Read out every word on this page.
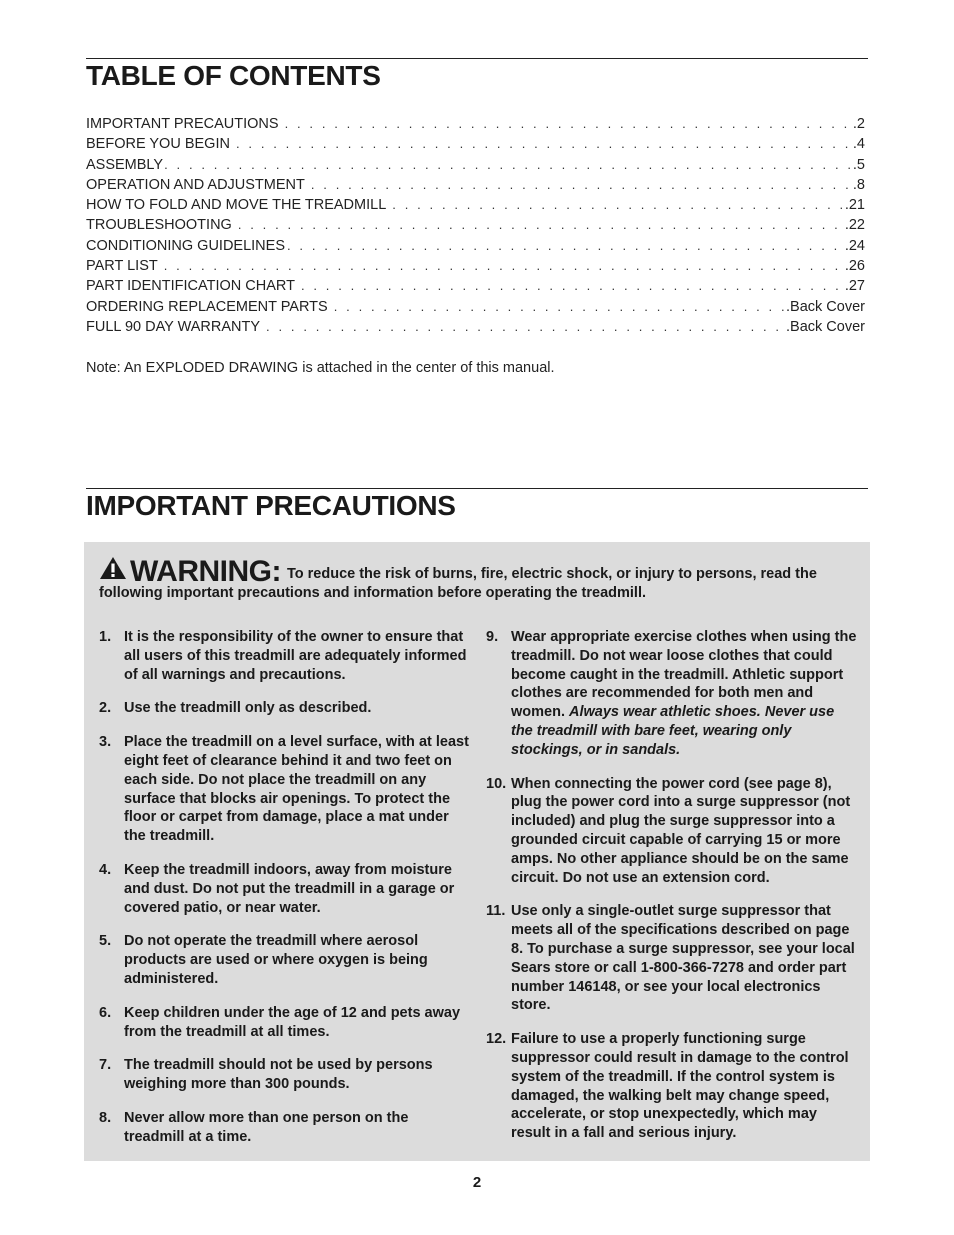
TABLE OF CONTENTS
IMPORTANT PRECAUTIONS . . .	.2
BEFORE YOU BEGIN . . .	.4
ASSEMBLY . . .	.5
OPERATION AND ADJUSTMENT . . .	.8
HOW TO FOLD AND MOVE THE TREADMILL . . .	.21
TROUBLESHOOTING . . .	.22
CONDITIONING GUIDELINES . . .	.24
PART LIST . . .	.26
PART IDENTIFICATION CHART . . .	.27
ORDERING REPLACEMENT PARTS . . .	.Back Cover
FULL 90 DAY WARRANTY . . .	.Back Cover

Note: An EXPLODED DRAWING is attached in the center of this manual.

IMPORTANT PRECAUTIONS
WARNING: To reduce the risk of burns, fire, electric shock, or injury to persons, read the following important precautions and information before operating the treadmill.
1. It is the responsibility of the owner to ensure that all users of this treadmill are adequately informed of all warnings and precautions.
2. Use the treadmill only as described.
3. Place the treadmill on a level surface, with at least eight feet of clearance behind it and two feet on each side. Do not place the treadmill on any surface that blocks air openings. To protect the floor or carpet from damage, place a mat under the treadmill.
4. Keep the treadmill indoors, away from moisture and dust. Do not put the treadmill in a garage or covered patio, or near water.
5. Do not operate the treadmill where aerosol products are used or where oxygen is being administered.
6. Keep children under the age of 12 and pets away from the treadmill at all times.
7. The treadmill should not be used by persons weighing more than 300 pounds.
8. Never allow more than one person on the treadmill at a time.
9. Wear appropriate exercise clothes when using the treadmill. Do not wear loose clothes that could become caught in the treadmill. Athletic support clothes are recommended for both men and women. Always wear athletic shoes. Never use the treadmill with bare feet, wearing only stockings, or in sandals.
10. When connecting the power cord (see page 8), plug the power cord into a surge suppressor (not included) and plug the surge suppressor into a grounded circuit capable of carrying 15 or more amps. No other appliance should be on the same circuit. Do not use an extension cord.
11. Use only a single-outlet surge suppressor that meets all of the specifications described on page 8. To purchase a surge suppressor, see your local Sears store or call 1-800-366-7278 and order part number 146148, or see your local electronics store.
12. Failure to use a properly functioning surge suppressor could result in damage to the control system of the treadmill. If the control system is damaged, the walking belt may change speed, accelerate, or stop unexpectedly, which may result in a fall and serious injury.

2
